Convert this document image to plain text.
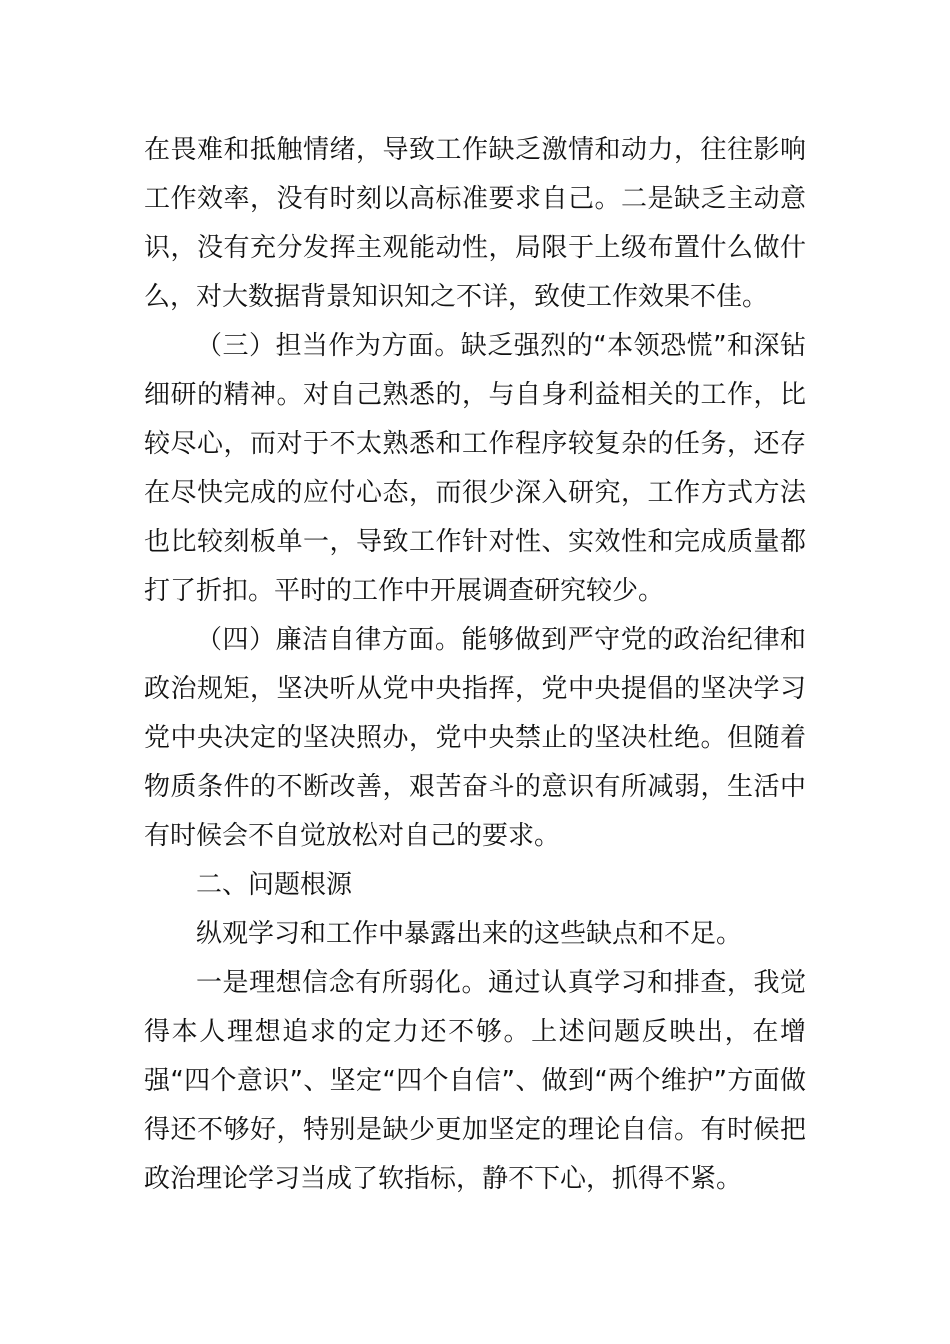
在畏难和抵触情绪，导致工作缺乏激情和动力，往往影响工作效率，没有时刻以高标准要求自己。二是缺乏主动意识，没有充分发挥主观能动性，局限于上级布置什么做什么，对大数据背景知识知之不详，致使工作效果不佳。

（三）担当作为方面。缺乏强烈的“本领恐慌”和深钻细研的精神。对自己熟悉的，与自身利益相关的工作，比较尽心，而对于不太熟悉和工作程序较复杂的任务，还存在尽快完成的应付心态，而很少深入研究，工作方式方法也比较刻板单一，导致工作针对性、实效性和完成质量都打了折扣。平时的工作中开展调查研究较少。

（四）廉洁自律方面。能够做到严守党的政治纪律和政治规矩，坚决听从党中央指挥，党中央提倡的坚决学习党中央决定的坚决照办，党中央禁止的坚决杜绝。但随着物质条件的不断改善，艰苦奋斗的意识有所减弱，生活中有时候会不自觉放松对自己的要求。

二、问题根源

纵观学习和工作中暴露出来的这些缺点和不足。

一是理想信念有所弱化。通过认真学习和排查，我觉得本人理想追求的定力还不够。上述问题反映出，在增强“四个意识”、坚定“四个自信”、做到“两个维护”方面做得还不够好，特别是缺少更加坚定的理论自信。有时候把政治理论学习当成了软指标，静不下心，抓得不紧。
